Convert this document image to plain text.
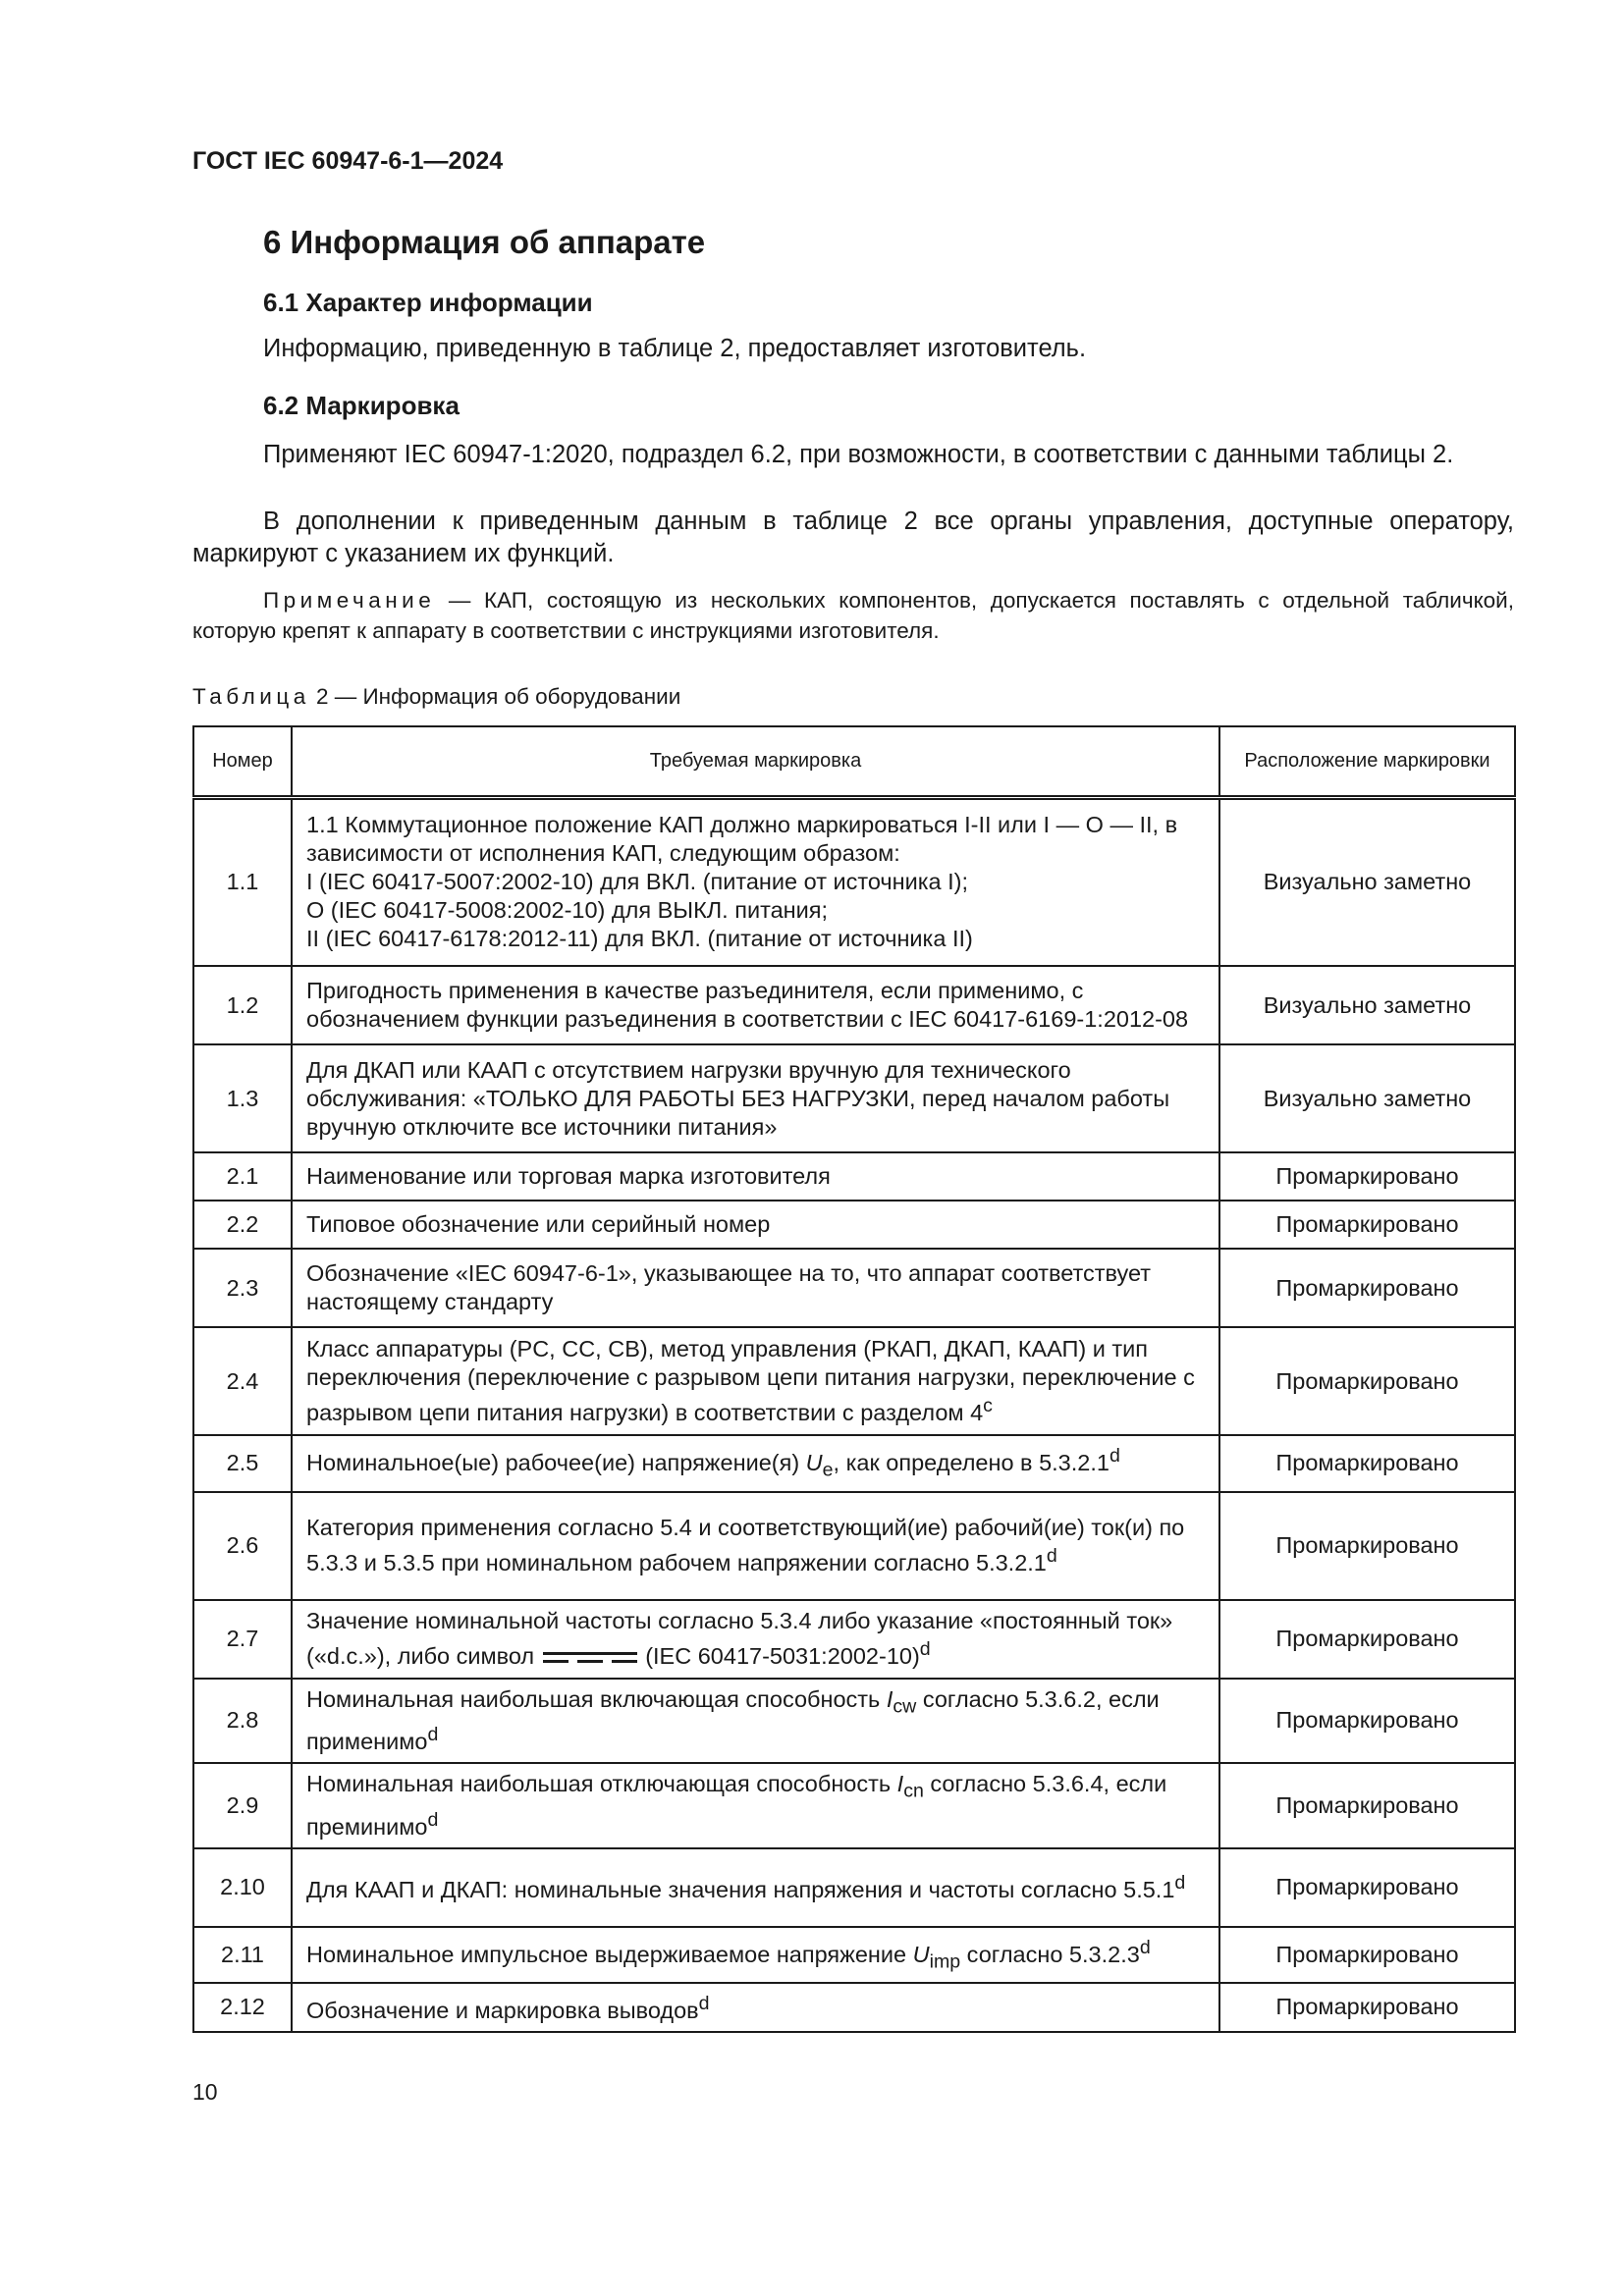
ГОСТ IEC 60947-6-1—2024
6 Информация об аппарате
6.1 Характер информации
Информацию, приведенную в таблице 2, предоставляет изготовитель.
6.2 Маркировка

Применяют IEC 60947-1:2020, подраздел 6.2, при возможности, в соответствии с данными таблицы 2.

В дополнении к приведенным данным в таблице 2 все органы управления, доступные оператору, маркируют с указанием их функций.

Примечание — КАП, состоящую из нескольких компонентов, допускается поставлять с отдельной табличкой, которую крепят к аппарату в соответствии с инструкциями изготовителя.

Таблица 2 — Информация об оборудовании
Номер	Требуемая маркировка	Расположение маркировки
1.1	1.1 Коммутационное положение КАП должно маркироваться I-II или I — O — II, в зависимости от исполнения КАП, следующим образом:
I (IEC 60417-5007:2002-10) для ВКЛ. (питание от источника I);
O (IEC 60417-5008:2002-10) для ВЫКЛ. питания;
II (IEC 60417-6178:2012-11) для ВКЛ. (питание от источника II)	Визуально заметно
1.2	Пригодность применения в качестве разъединителя, если применимо, с обозначением функции разъединения в соответствии с IEC 60417-6169-1:2012-08	Визуально заметно
1.3	Для ДКАП или КААП с отсутствием нагрузки вручную для технического обслуживания: «ТОЛЬКО ДЛЯ РАБОТЫ БЕЗ НАГРУЗКИ, перед началом работы вручную отключите все источники питания»	Визуально заметно
2.1	Наименование или торговая марка изготовителя	Промаркировано
2.2	Типовое обозначение или серийный номер	Промаркировано
2.3	Обозначение «IEC 60947-6-1», указывающее на то, что аппарат соответствует настоящему стандарту	Промаркировано
2.4	Класс аппаратуры (PC, CC, CB), метод управления (РКАП, ДКАП, КААП) и тип переключения (переключение с разрывом цепи питания нагрузки, переключение с разрывом цепи питания нагрузки) в соответствии с разделом 4$^c$	Промаркировано
2.5	Номинальное(ые) рабочее(ие) напряжение(я) $U_e$, как определено в 5.3.2.1$^d$	Промаркировано
2.6	Категория применения согласно 5.4 и соответствующий(ие) рабочий(ие) ток(и) по 5.3.3 и 5.3.5 при номинальном рабочем напряжении согласно 5.3.2.1$^d$	Промаркировано
2.7	Значение номинальной частоты согласно 5.3.4 либо указание «постоянный ток» («d.c.»), либо символ (IEC 60417-5031:2002-10)$^d$	Промаркировано
2.8	Номинальная наибольшая включающая способность $I_{cw}$ согласно 5.3.6.2, если применимо$^d$	Промаркировано
2.9	Номинальная наибольшая отключающая способность $I_{cn}$ согласно 5.3.6.4, если преминимо$^d$	Промаркировано
2.10	Для КААП и ДКАП: номинальные значения напряжения и частоты согласно 5.5.1$^d$	Промаркировано
2.11	Номинальное импульсное выдерживаемое напряжение $U_{imp}$ согласно 5.3.2.3$^d$	Промаркировано
2.12	Обозначение и маркировка выводов$^d$	Промаркировано
10
